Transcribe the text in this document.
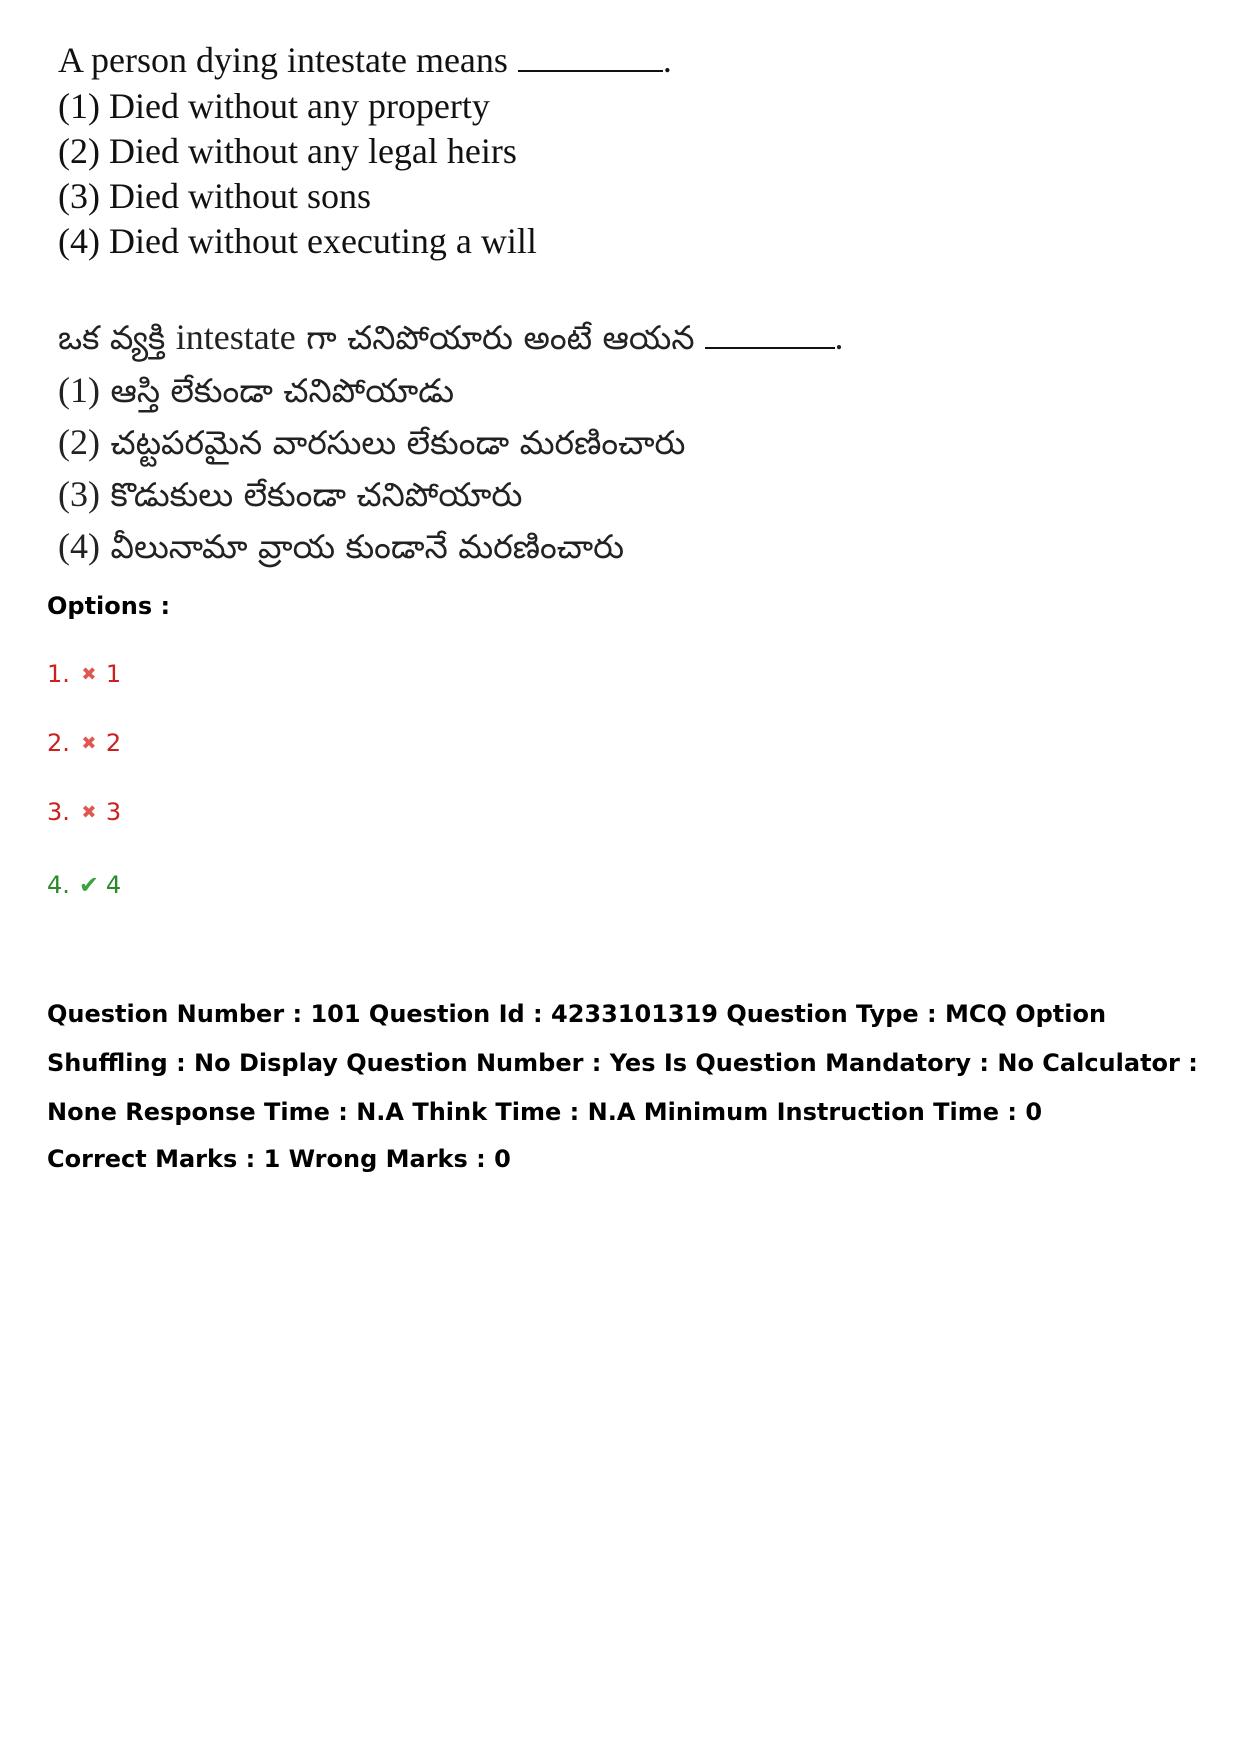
A person dying intestate means	.
(1) Died without any property
(2) Died without any legal heirs
(3) Died without sons
(4) Died without executing a will
ఒక వ్యక్తి intestate గా చనిపోయారు అంటే ఆయన	.
(1) ఆస్తి లేకుండా చనిపోయాడు
(2) చట్టపరమైన వారసులు లేకుండా మరణించారు
(3) కొడుకులు లేకుండా చనిపోయారు
(4) వీలునామా వ్రాయ కుండానే మరణించారు
Options :
1. ✖ 1
2. ✖ 2
3. ✖ 3
4. ✔ 4
Question Number : 101 Question Id : 4233101319 Question Type : MCQ Option Shuffling : No Display Question Number : Yes Is Question Mandatory : No Calculator : None Response Time : N.A Think Time : N.A Minimum Instruction Time : 0
Correct Marks : 1 Wrong Marks : 0
